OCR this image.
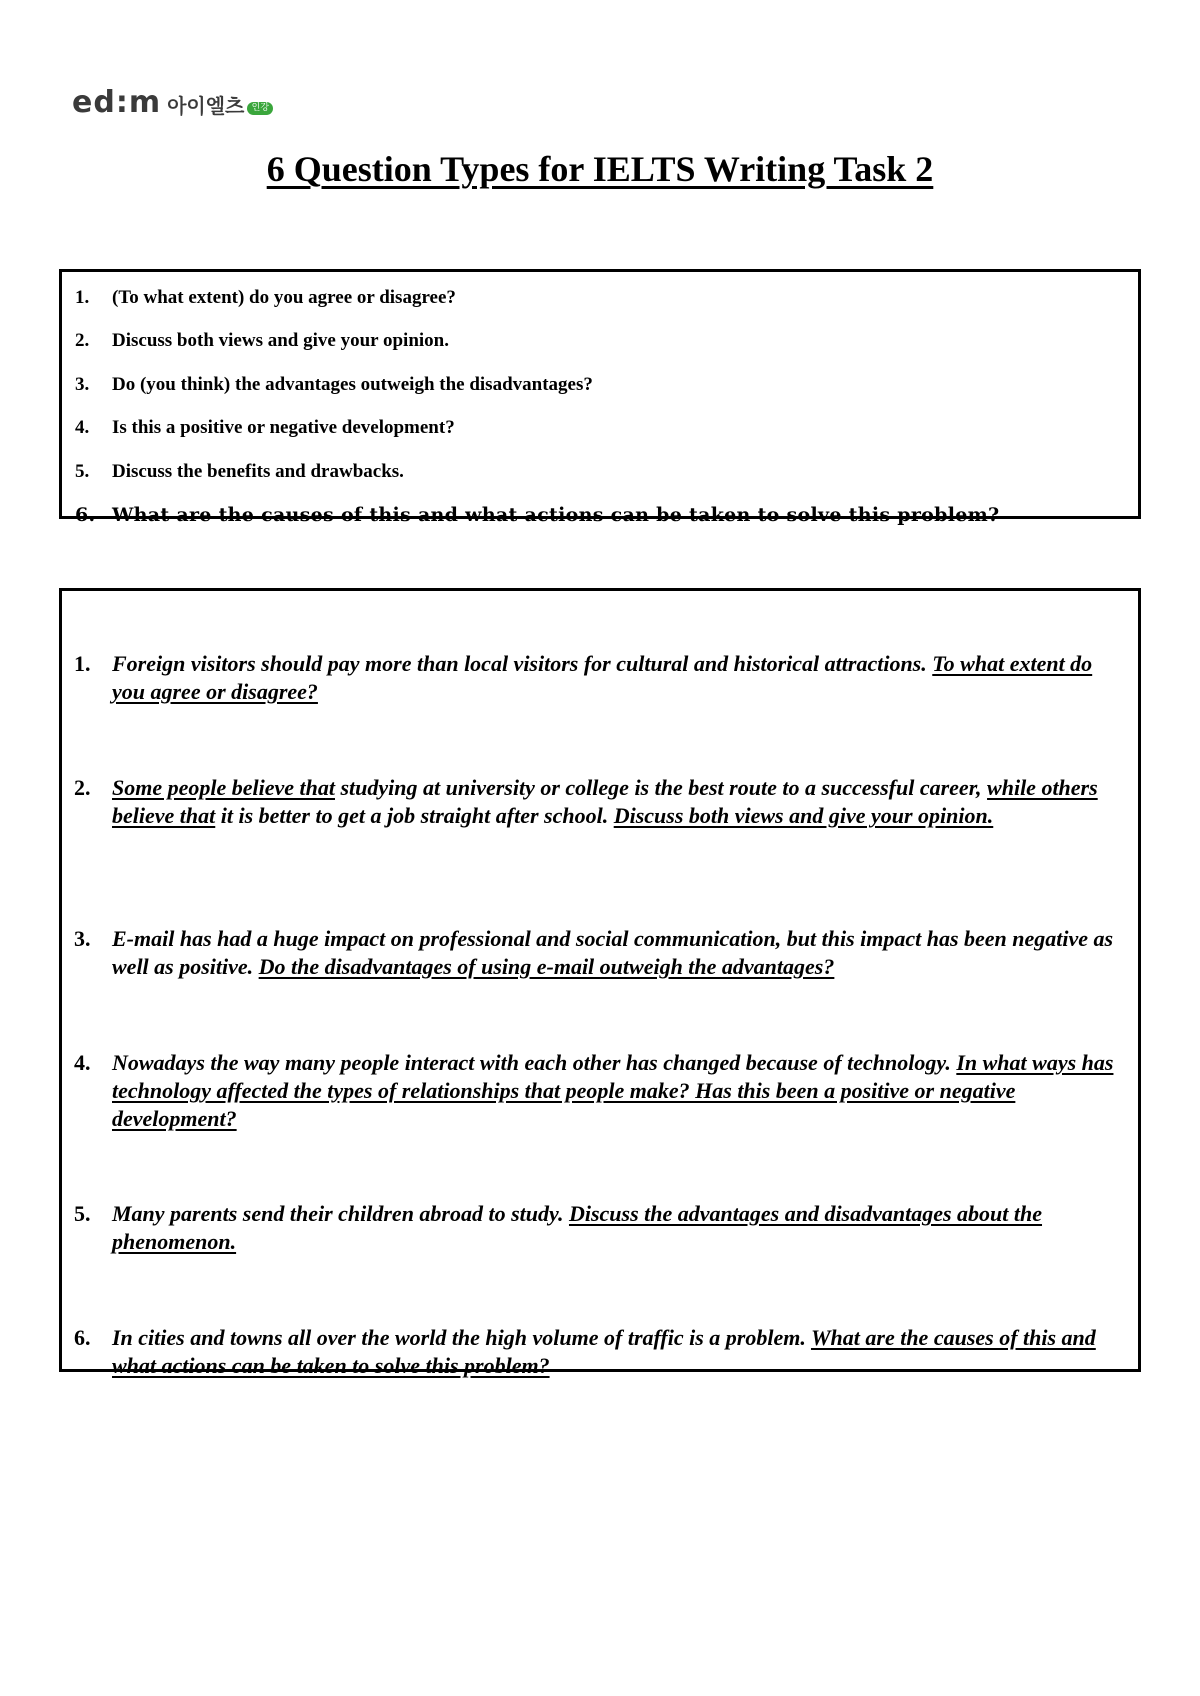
ed:m 아이엘츠 인강
6 Question Types for IELTS Writing Task 2
1.	(To what extent) do you agree or disagree?
2.	Discuss both views and give your opinion.
3.	Do (you think) the advantages outweigh the disadvantages?
4.	Is this a positive or negative development?
5.	Discuss the benefits and drawbacks.
6. What are the causes of this and what actions can be taken to solve this problem?
1. Foreign visitors should pay more than local visitors for cultural and historical attractions. To what extent do you agree or disagree?
2. Some people believe that studying at university or college is the best route to a successful career, while others believe that it is better to get a job straight after school. Discuss both views and give your opinion.
3. E-mail has had a huge impact on professional and social communication, but this impact has been negative as well as positive. Do the disadvantages of using e-mail outweigh the advantages?
4. Nowadays the way many people interact with each other has changed because of technology. In what ways has technology affected the types of relationships that people make? Has this been a positive or negative development?
5. Many parents send their children abroad to study. Discuss the advantages and disadvantages about the phenomenon.
6. In cities and towns all over the world the high volume of traffic is a problem. What are the causes of this and what actions can be taken to solve this problem?
